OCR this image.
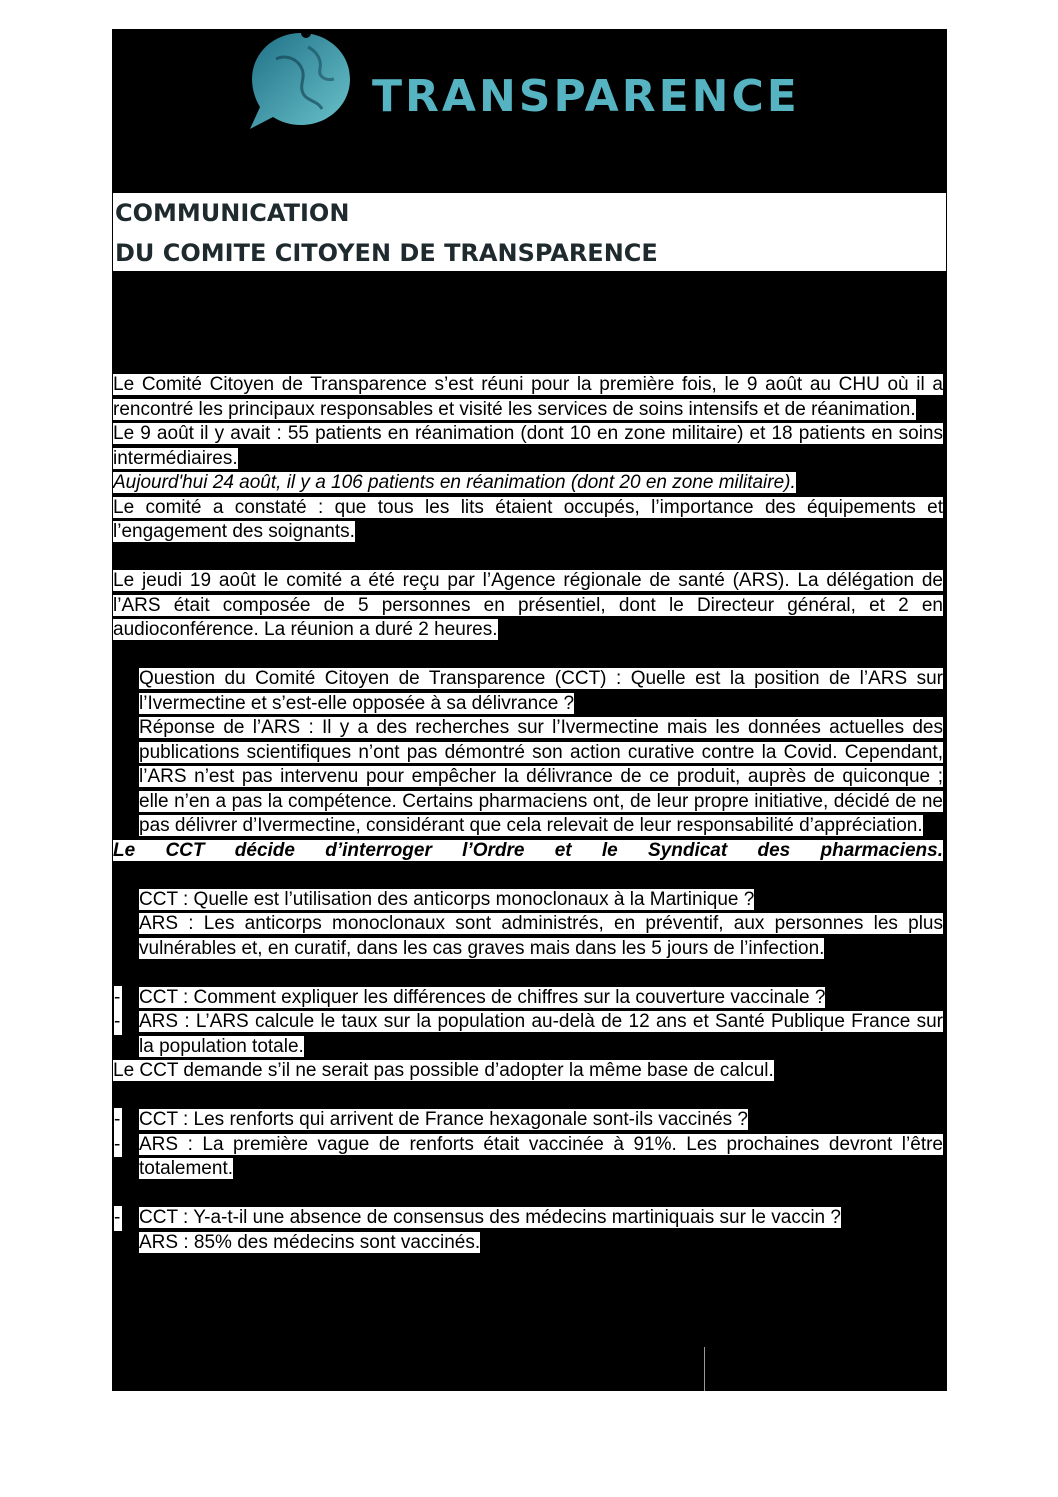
TRANSPARENCE
COMMUNICATION
DU COMITE CITOYEN DE TRANSPARENCE

Le Comité Citoyen de Transparence s’est réuni pour la première fois, le 9 août au CHU où il a rencontré les principaux responsables et visité les services de soins intensifs et de réanimation.

Le 9 août il y avait : 55 patients en réanimation (dont 10 en zone militaire) et 18 patients en soins intermédiaires.

Aujourd'hui 24 août, il y a 106 patients en réanimation (dont 20 en zone militaire).

Le comité a constaté : que tous les lits étaient occupés, l’importance des équipements et l’engagement des soignants.

Le jeudi 19 août le comité a été reçu par l’Agence régionale de santé (ARS). La délégation de l’ARS était composée de 5 personnes en présentiel, dont le Directeur général, et 2 en audioconférence. La réunion a duré 2 heures.

- Question du Comité Citoyen de Transparence (CCT) : Quelle est la position de l’ARS sur l’Ivermectine et s’est-elle opposée à sa délivrance ?
- Réponse de l’ARS : Il y a des recherches sur l’Ivermectine mais les données actuelles des publications scientifiques n’ont pas démontré son action curative contre la Covid. Cependant, l’ARS n’est pas intervenu pour empêcher la délivrance de ce produit, auprès de quiconque ; elle n’en a pas la compétence. Certains pharmaciens ont, de leur propre initiative, décidé de ne pas délivrer d’Ivermectine, considérant que cela relevait de leur responsabilité d’appréciation.

Le CCT décide d’interroger l’Ordre et le Syndicat des pharmaciens.

- CCT : Quelle est l’utilisation des anticorps monoclonaux à la Martinique ?
- ARS : Les anticorps monoclonaux sont administrés, en préventif, aux personnes les plus vulnérables et, en curatif, dans les cas graves mais dans les 5 jours de l’infection.
- CCT : Comment expliquer les différences de chiffres sur la couverture vaccinale ?
- ARS : L’ARS calcule le taux sur la population au-delà de 12 ans et Santé Publique France sur la population totale.

Le CCT demande s’il ne serait pas possible d’adopter la même base de calcul.

- CCT : Les renforts qui arrivent de France hexagonale sont-ils vaccinés ?
- ARS : La première vague de renforts était vaccinée à 91%. Les prochaines devront l’être totalement.
- CCT : Y-a-t-il une absence de consensus des médecins martiniquais sur le vaccin ?
ARS : 85% des médecins sont vaccinés.
